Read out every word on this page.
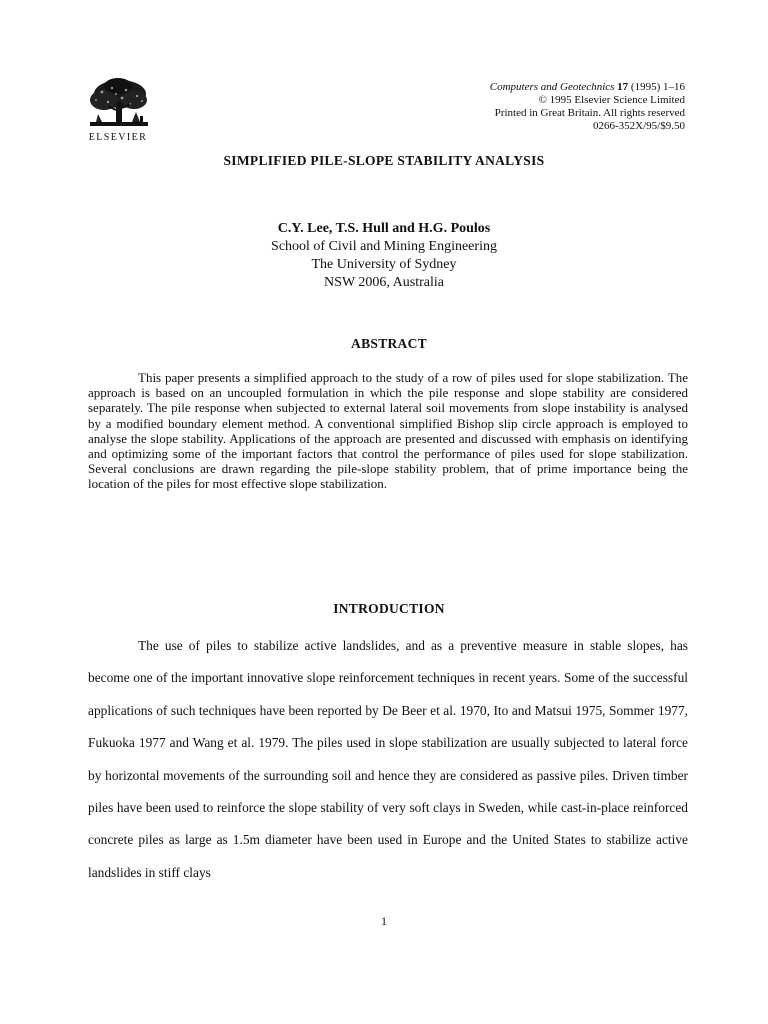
ELSEVIER
Computers and Geotechnics 17 (1995) 1–16
© 1995 Elsevier Science Limited
Printed in Great Britain. All rights reserved
0266-352X/95/$9.50
SIMPLIFIED PILE-SLOPE STABILITY ANALYSIS
C.Y. Lee, T.S. Hull and H.G. Poulos
School of Civil and Mining Engineering
The University of Sydney
NSW 2006, Australia
ABSTRACT
This paper presents a simplified approach to the study of a row of piles used for slope stabilization. The approach is based on an uncoupled formulation in which the pile response and slope stability are considered separately. The pile response when subjected to external lateral soil movements from slope instability is analysed by a modified boundary element method. A conventional simplified Bishop slip circle approach is employed to analyse the slope stability. Applications of the approach are presented and discussed with emphasis on identifying and optimizing some of the important factors that control the performance of piles used for slope stabilization. Several conclusions are drawn regarding the pile-slope stability problem, that of prime importance being the location of the piles for most effective slope stabilization.
INTRODUCTION
The use of piles to stabilize active landslides, and as a preventive measure in stable slopes, has become one of the important innovative slope reinforcement techniques in recent years. Some of the successful applications of such techniques have been reported by De Beer et al. 1970, Ito and Matsui 1975, Sommer 1977, Fukuoka 1977 and Wang et al. 1979. The piles used in slope stabilization are usually subjected to lateral force by horizontal movements of the surrounding soil and hence they are considered as passive piles. Driven timber piles have been used to reinforce the slope stability of very soft clays in Sweden, while cast-in-place reinforced concrete piles as large as 1.5m diameter have been used in Europe and the United States to stabilize active landslides in stiff clays
1
